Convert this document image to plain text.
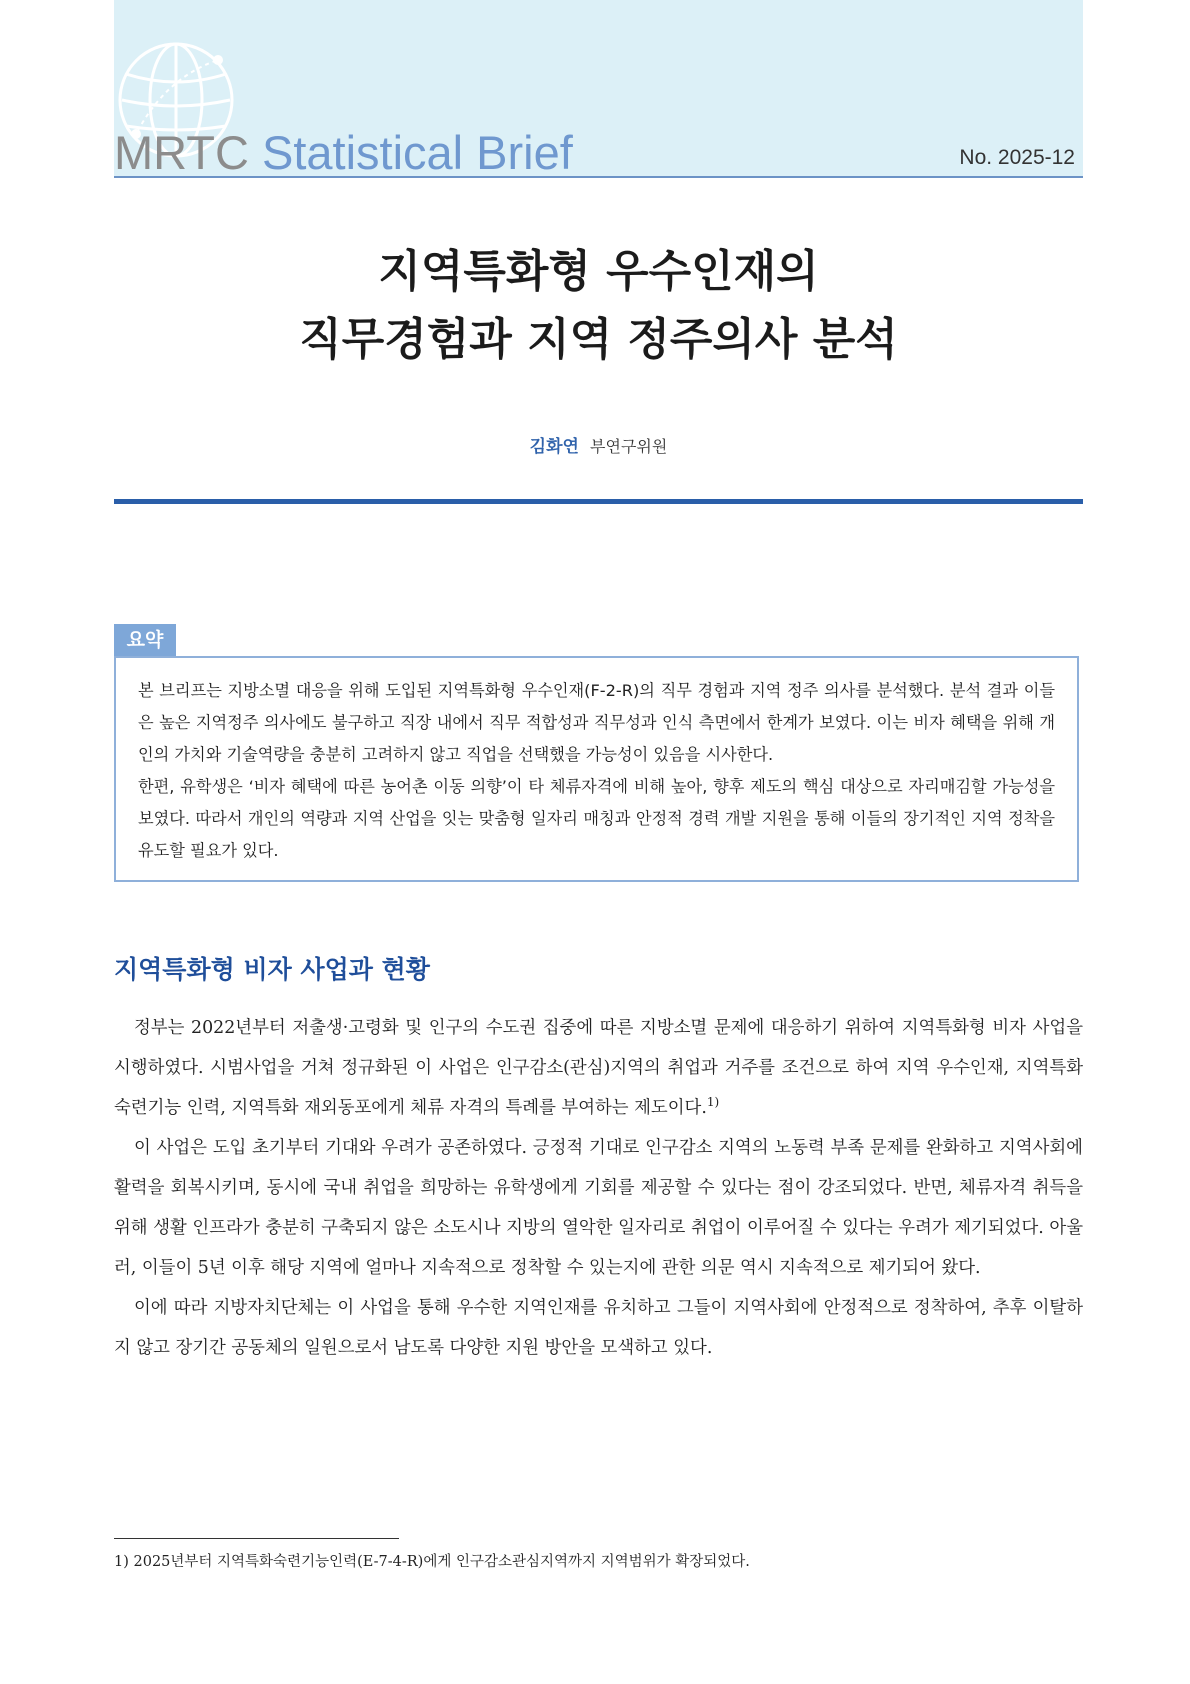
MRTC Statistical Brief	No. 2025-12
지역특화형 우수인재의
직무경험과 지역 정주의사 분석
김화연 부연구위원
요약

본 브리프는 지방소멸 대응을 위해 도입된 지역특화형 우수인재(F-2-R)의 직무 경험과 지역 정주 의사를 분석했다. 분석 결과 이들은 높은 지역정주 의사에도 불구하고 직장 내에서 직무 적합성과 직무성과 인식 측면에서 한계가 보였다. 이는 비자 혜택을 위해 개인의 가치와 기술역량을 충분히 고려하지 않고 직업을 선택했을 가능성이 있음을 시사한다.

한편, 유학생은 ‘비자 혜택에 따른 농어촌 이동 의향’이 타 체류자격에 비해 높아, 향후 제도의 핵심 대상으로 자리매김할 가능성을 보였다. 따라서 개인의 역량과 지역 산업을 잇는 맞춤형 일자리 매칭과 안정적 경력 개발 지원을 통해 이들의 장기적인 지역 정착을 유도할 필요가 있다.

지역특화형 비자 사업과 현황

정부는 2022년부터 저출생·고령화 및 인구의 수도권 집중에 따른 지방소멸 문제에 대응하기 위하여 지역특화형 비자 사업을 시행하였다. 시범사업을 거쳐 정규화된 이 사업은 인구감소(관심)지역의 취업과 거주를 조건으로 하여 지역 우수인재, 지역특화 숙련기능 인력, 지역특화 재외동포에게 체류 자격의 특례를 부여하는 제도이다.$^{1)}$

이 사업은 도입 초기부터 기대와 우려가 공존하였다. 긍정적 기대로 인구감소 지역의 노동력 부족 문제를 완화하고 지역사회에 활력을 회복시키며, 동시에 국내 취업을 희망하는 유학생에게 기회를 제공할 수 있다는 점이 강조되었다. 반면, 체류자격 취득을 위해 생활 인프라가 충분히 구축되지 않은 소도시나 지방의 열악한 일자리로 취업이 이루어질 수 있다는 우려가 제기되었다. 아울러, 이들이 5년 이후 해당 지역에 얼마나 지속적으로 정착할 수 있는지에 관한 의문 역시 지속적으로 제기되어 왔다.

이에 따라 지방자치단체는 이 사업을 통해 우수한 지역인재를 유치하고 그들이 지역사회에 안정적으로 정착하여, 추후 이탈하지 않고 장기간 공동체의 일원으로서 남도록 다양한 지원 방안을 모색하고 있다.

1) 2025년부터 지역특화숙련기능인력(E-7-4-R)에게 인구감소관심지역까지 지역범위가 확장되었다.
